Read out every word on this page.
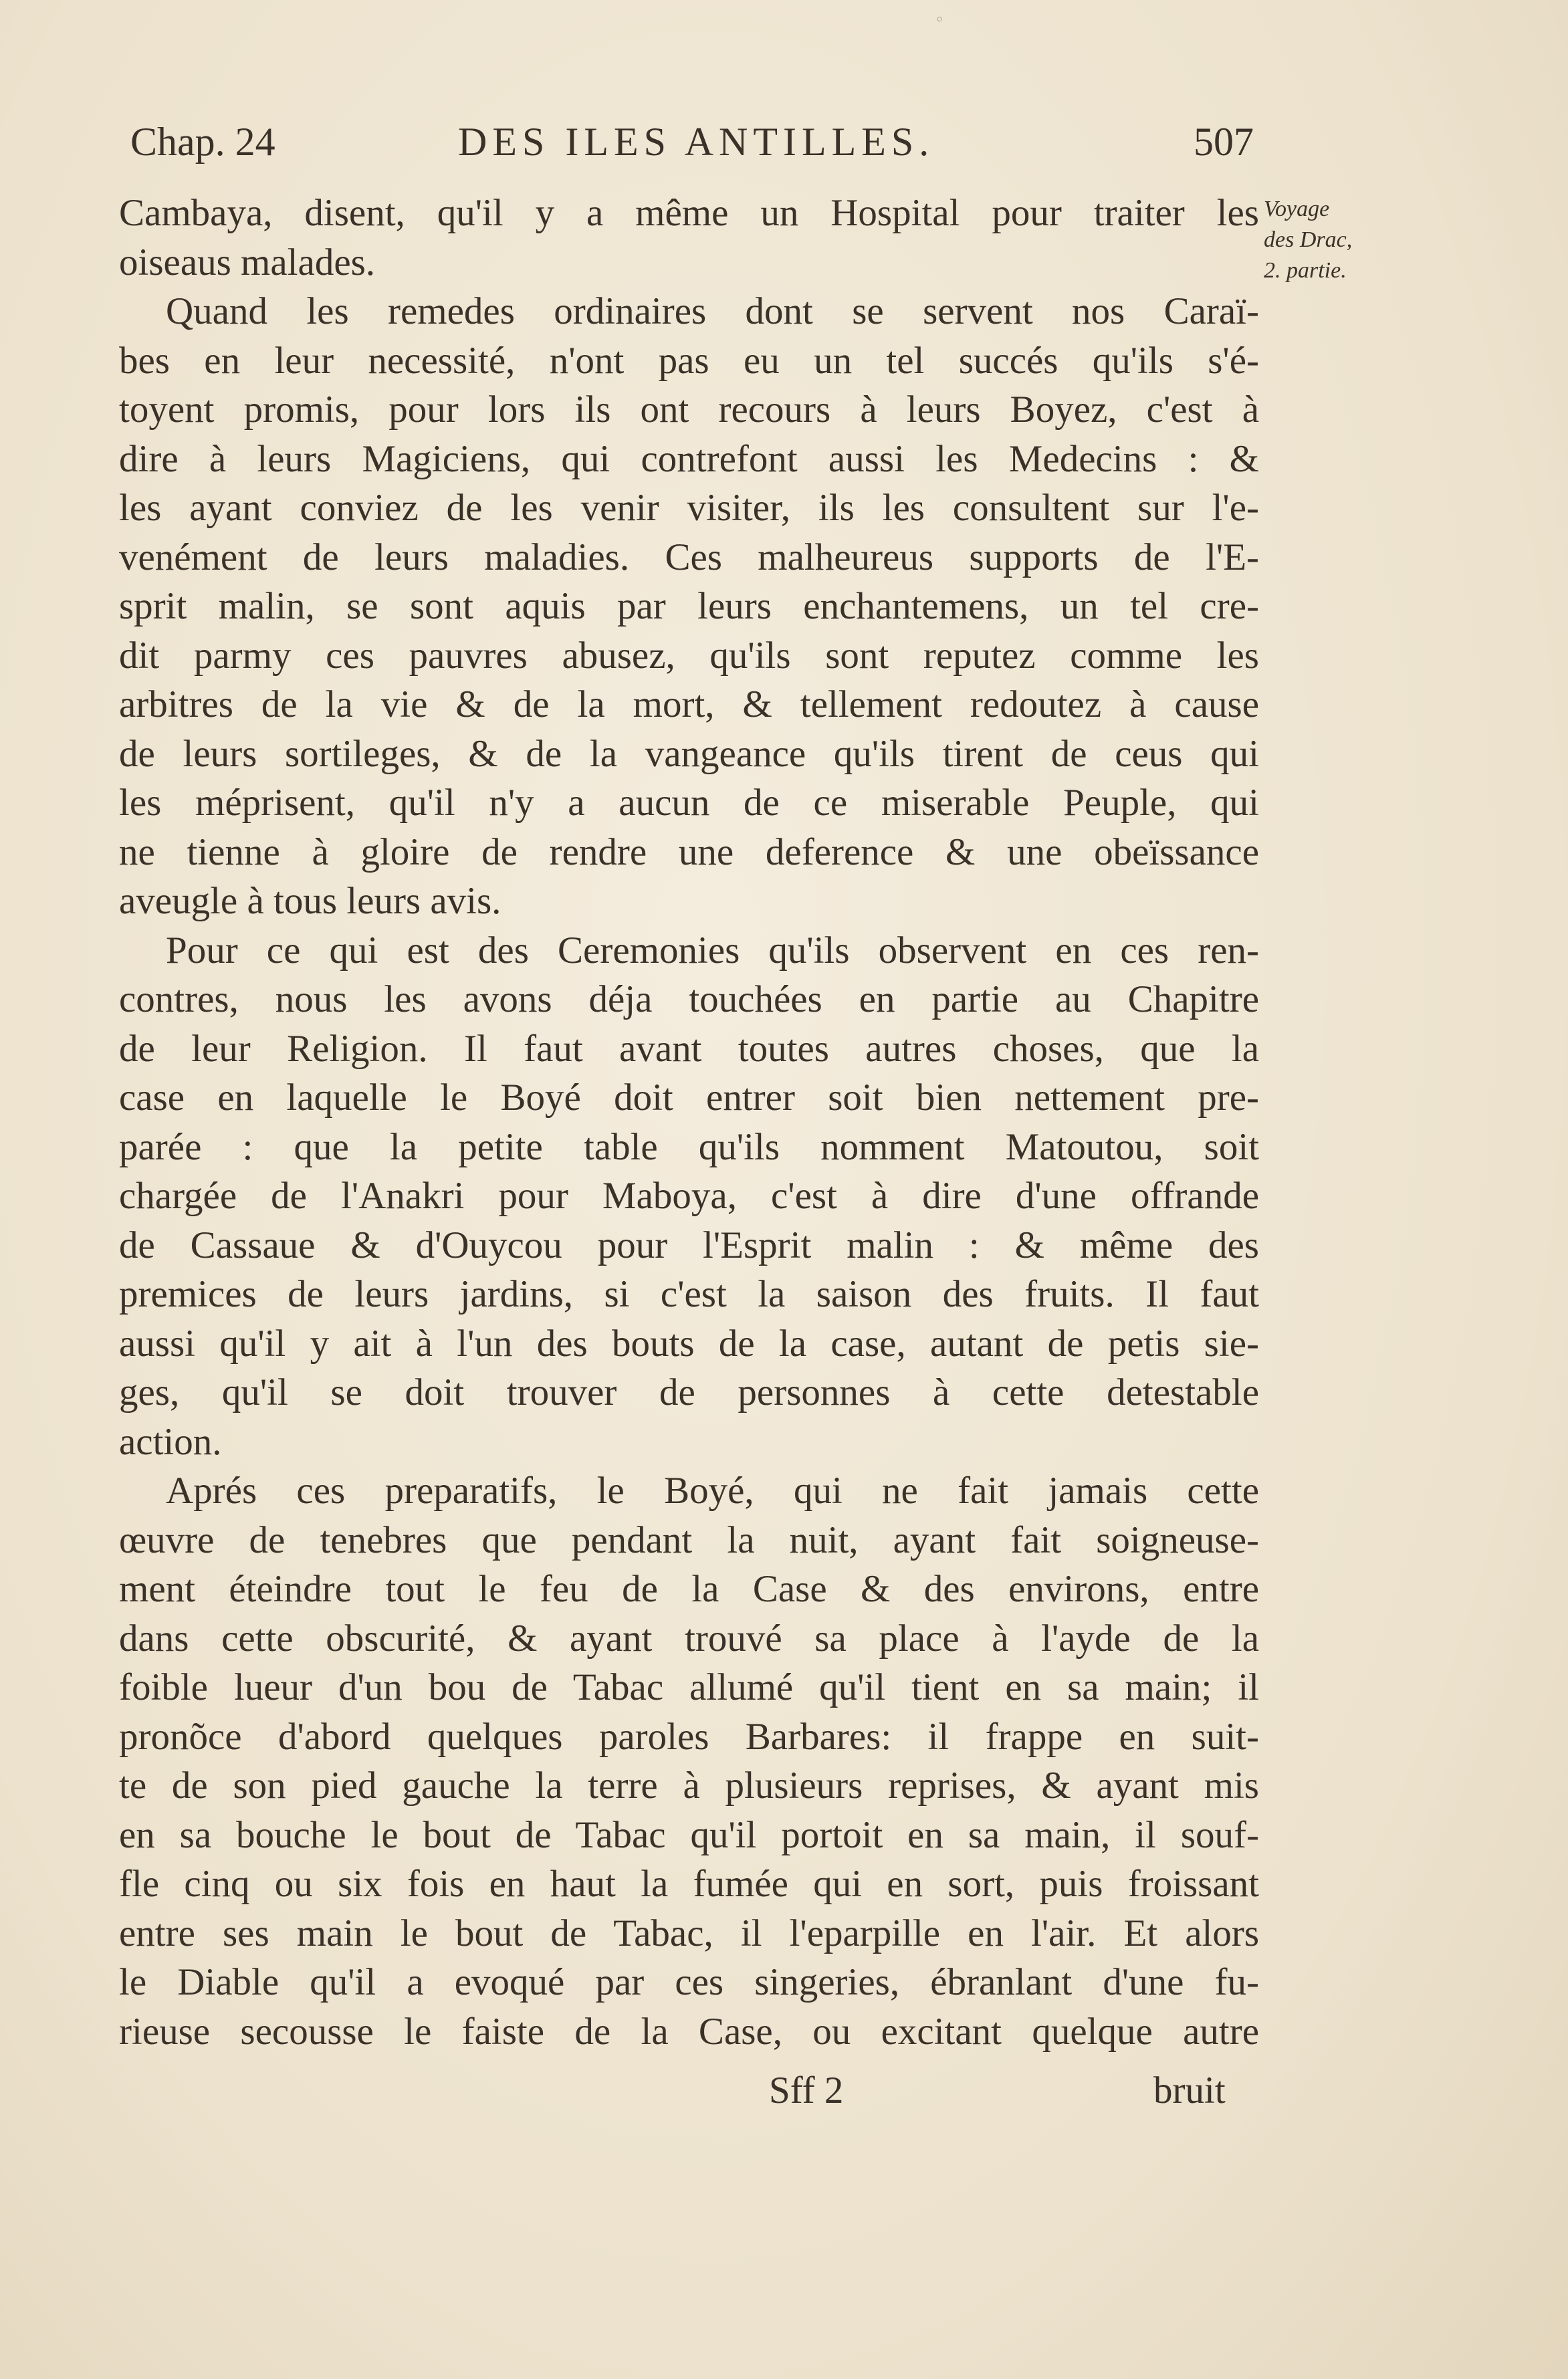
◦
Chap. 24	DES ILES ANTILLES.	507
Voyage
des Drac,
2. partie.
Cambaya, disent, qu'il y a même un Hospital pour traiter les
oiseaus malades.
Quand les remedes ordinaires dont se servent nos Caraï-
bes en leur necessité, n'ont pas eu un tel succés qu'ils s'é-
toyent promis, pour lors ils ont recours à leurs Boyez, c'est à
dire à leurs Magiciens, qui contrefont aussi les Medecins : &
les ayant conviez de les venir visiter, ils les consultent sur l'e-
venément de leurs maladies. Ces malheureus supports de l'E-
sprit malin, se sont aquis par leurs enchantemens, un tel cre-
dit parmy ces pauvres abusez, qu'ils sont reputez comme les
arbitres de la vie & de la mort, & tellement redoutez à cause
de leurs sortileges, & de la vangeance qu'ils tirent de ceus qui
les méprisent, qu'il n'y a aucun de ce miserable Peuple, qui
ne tienne à gloire de rendre une deference & une obeïssance
aveugle à tous leurs avis.
Pour ce qui est des Ceremonies qu'ils observent en ces ren-
contres, nous les avons déja touchées en partie au Chapitre
de leur Religion. Il faut avant toutes autres choses, que la
case en laquelle le Boyé doit entrer soit bien nettement pre-
parée : que la petite table qu'ils nomment Matoutou, soit
chargée de l'Anakri pour Maboya, c'est à dire d'une offrande
de Cassaue & d'Ouycou pour l'Esprit malin : & même des
premices de leurs jardins, si c'est la saison des fruits. Il faut
aussi qu'il y ait à l'un des bouts de la case, autant de petis sie-
ges, qu'il se doit trouver de personnes à cette detestable
action.
Aprés ces preparatifs, le Boyé, qui ne fait jamais cette
œuvre de tenebres que pendant la nuit, ayant fait soigneuse-
ment éteindre tout le feu de la Case & des environs, entre
dans cette obscurité, & ayant trouvé sa place à l'ayde de la
foible lueur d'un bou de Tabac allumé qu'il tient en sa main; il
pronõce d'abord quelques paroles Barbares: il frappe en suit-
te de son pied gauche la terre à plusieurs reprises, & ayant mis
en sa bouche le bout de Tabac qu'il portoit en sa main, il souf-
fle cinq ou six fois en haut la fumée qui en sort, puis froissant
entre ses main le bout de Tabac, il l'eparpille en l'air. Et alors
le Diable qu'il a evoqué par ces singeries, ébranlant d'une fu-
rieuse secousse le faiste de la Case, ou excitant quelque autre
Sff 2	bruit
